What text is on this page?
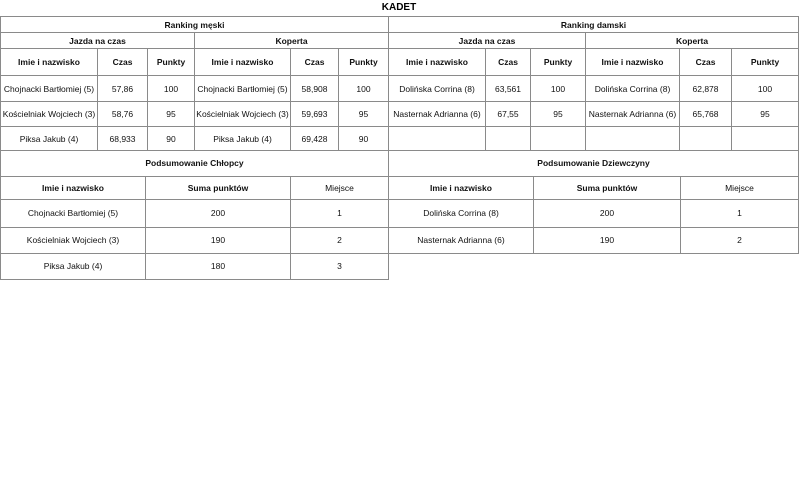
KADET
Ranking męski						Ranking damski					
Jazda na czas			Koperta			Jazda na czas			Koperta		
Imie i nazwisko	Czas	Punkty	Imie i nazwisko	Czas	Punkty	Imie i nazwisko	Czas	Punkty	Imie i nazwisko	Czas	Punkty
Chojnacki Bartłomiej (5)	57,86	100	Chojnacki Bartłomiej (5)	58,908	100	Dolińska Corrina (8)	63,561	100	Dolińska Corrina (8)	62,878	100
Kościelniak Wojciech (3)	58,76	95	Kościelniak Wojciech (3)	59,693	95	Nasternak Adrianna (6)	67,55	95	Nasternak Adrianna (6)	65,768	95
Piksa Jakub (4)	68,933	90	Piksa Jakub (4)	69,428	90						
Podsumowanie Chłopcy			Podsumowanie Dziewczyny		
Imie i nazwisko	Suma punktów	Miejsce	Imie i nazwisko	Suma punktów	Miejsce
Chojnacki Bartłomiej (5)	200	1	Dolińska Corrina (8)	200	1
Kościelniak Wojciech (3)	190	2	Nasternak Adrianna (6)	190	2
Piksa Jakub (4)	180	3			
